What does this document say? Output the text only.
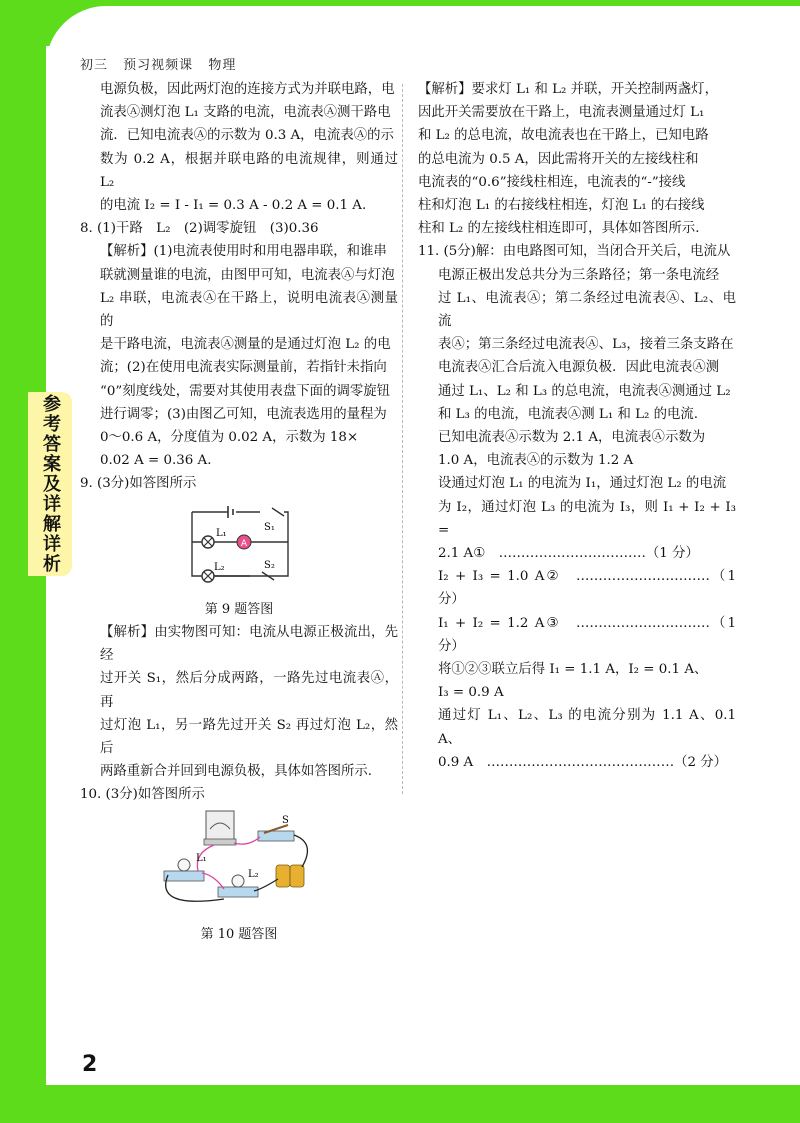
初三 预习视频课 物理
参考答案及详解详析

电源负极，因此两灯泡的连接方式为并联电路，电

流表Ⓐ测灯泡 L₁ 支路的电流，电流表Ⓐ测干路电

流．已知电流表Ⓐ的示数为 0.3 A，电流表Ⓐ的示

数为 0.2 A，根据并联电路的电流规律，则通过 L₂

的电流 I₂ = I - I₁ = 0.3 A - 0.2 A = 0.1 A.

8. (1)干路　L₂　(2)调零旋钮　(3)0.36

【解析】(1)电流表使用时和用电器串联，和谁串

联就测量谁的电流，由图甲可知，电流表Ⓐ与灯泡

L₂ 串联，电流表Ⓐ在干路上，说明电流表Ⓐ测量的

是干路电流，电流表Ⓐ测量的是通过灯泡 L₂ 的电

流；(2)在使用电流表实际测量前，若指针未指向

“0”刻度线处，需要对其使用表盘下面的调零旋钮

进行调零；(3)由图乙可知，电流表选用的量程为

0～0.6 A，分度值为 0.02 A，示数为 18×

0.02 A = 0.36 A.

9. (3分)如答图所示

A
S₁
L₁
L₂	S₂

第 9 题答图

【解析】由实物图可知：电流从电源正极流出，先经

过开关 S₁，然后分成两路，一路先过电流表Ⓐ，再

过灯泡 L₁，另一路先过开关 S₂ 再过灯泡 L₂，然后

两路重新合并回到电源负极，具体如答图所示.

10. (3分)如答图所示

S
L₁
L₂

第 10 题答图

【解析】要求灯 L₁ 和 L₂ 并联，开关控制两盏灯，

因此开关需要放在干路上，电流表测量通过灯 L₁

和 L₂ 的总电流，故电流表也在干路上，已知电路

的总电流为 0.5 A，因此需将开关的左接线柱和

电流表的“0.6”接线柱相连，电流表的“-”接线

柱和灯泡 L₁ 的右接线柱相连，灯泡 L₁ 的右接线

柱和 L₂ 的左接线柱相连即可，具体如答图所示.

11. (5分)解：由电路图可知，当闭合开关后，电流从

电源正极出发总共分为三条路径；第一条电流经

过 L₁、电流表Ⓐ；第二条经过电流表Ⓐ、L₂、电流

表Ⓐ；第三条经过电流表Ⓐ、L₃，接着三条支路在

电流表Ⓐ汇合后流入电源负极．因此电流表Ⓐ测

通过 L₁、L₂ 和 L₃ 的总电流，电流表Ⓐ测通过 L₂

和 L₃ 的电流，电流表Ⓐ测 L₁ 和 L₂ 的电流.

已知电流表Ⓐ示数为 2.1 A，电流表Ⓐ示数为

1.0 A，电流表Ⓐ的示数为 1.2 A

设通过灯泡 L₁ 的电流为 I₁，通过灯泡 L₂ 的电流

为 I₂，通过灯泡 L₃ 的电流为 I₃，则 I₁ + I₂ + I₃ =

2.1 A①　……………………………（1 分）

I₂ + I₃ = 1.0 A②　…………………………（1 分）

I₁ + I₂ = 1.2 A③　…………………………（1 分）

将①②③联立后得 I₁ = 1.1 A，I₂ = 0.1 A、

I₃ = 0.9 A

通过灯 L₁、L₂、L₃ 的电流分别为 1.1 A、0.1 A、

0.9 A　……………………………………（2 分）

2
